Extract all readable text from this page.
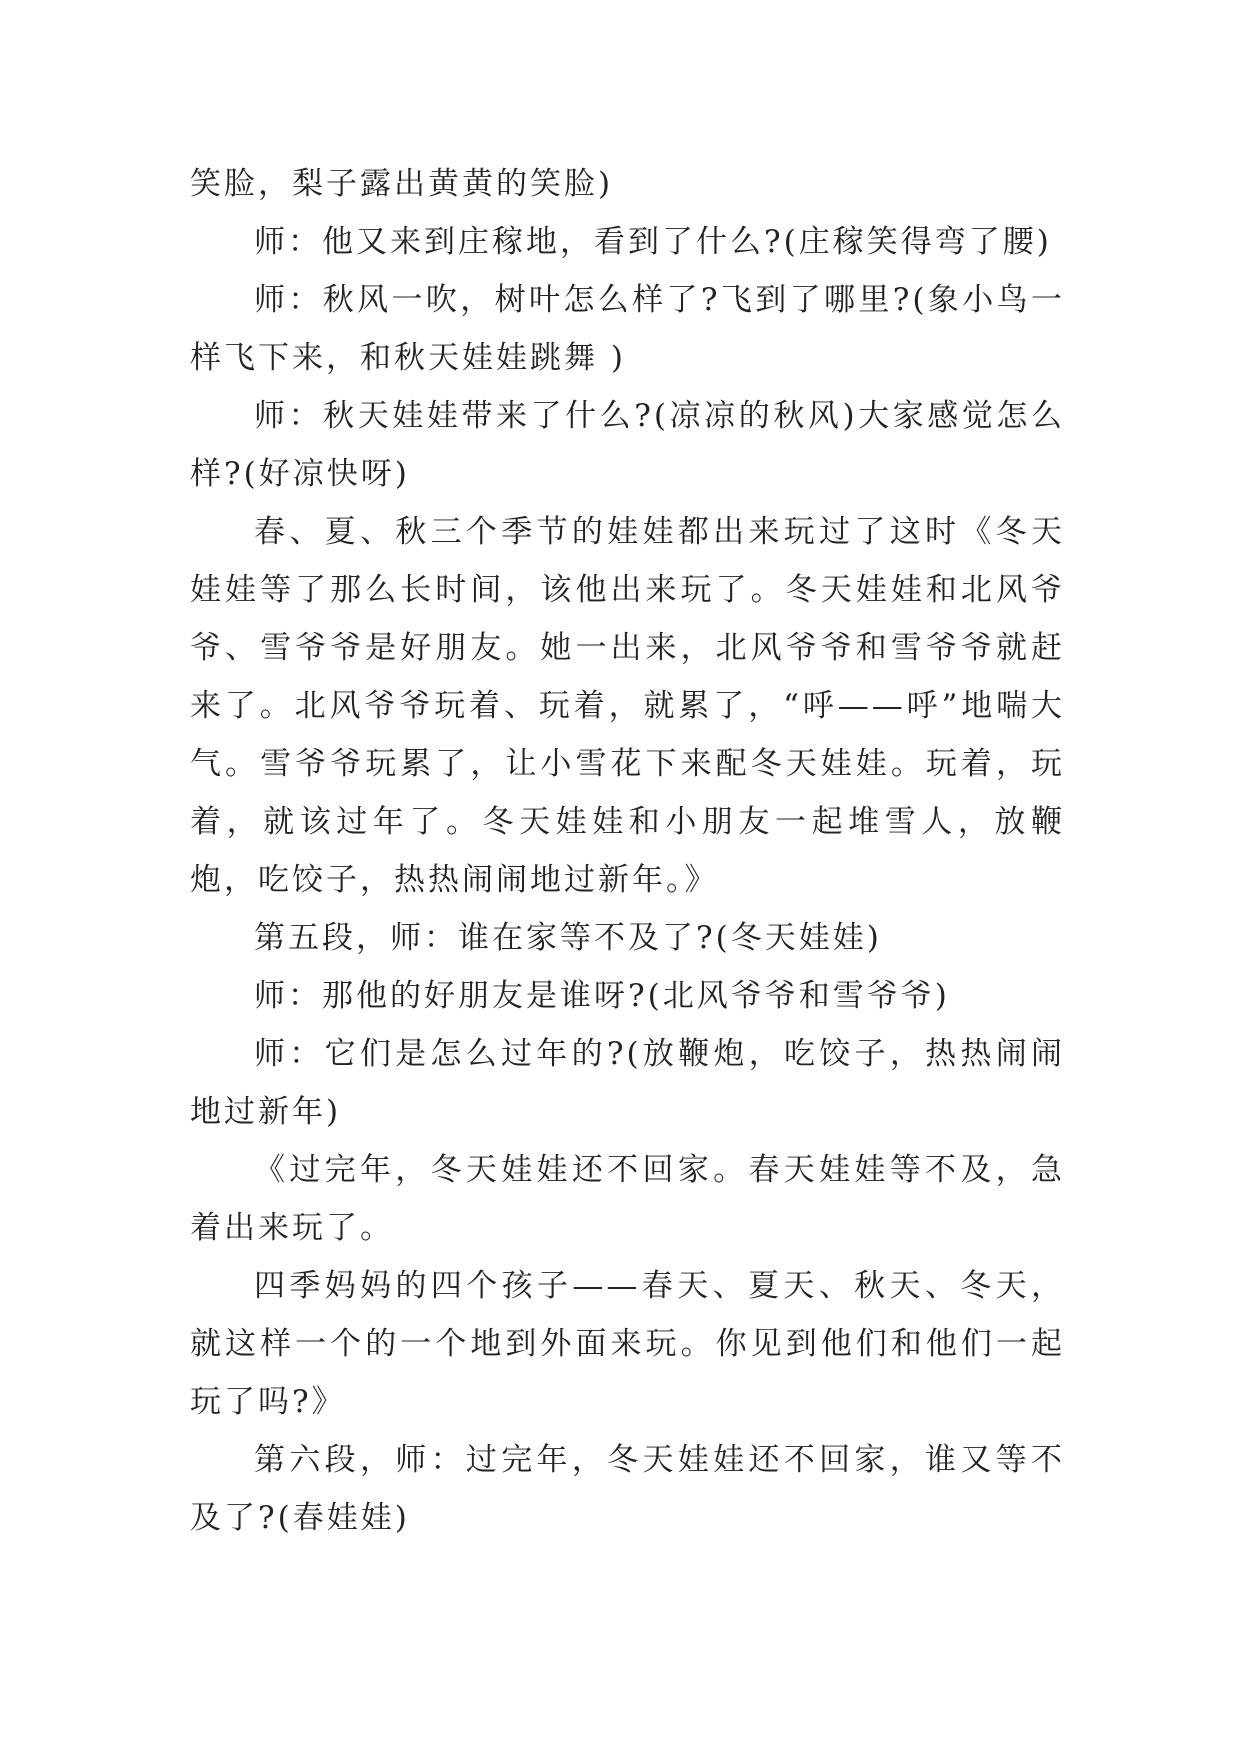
笑脸，梨子露出黄黄的笑脸)

师：他又来到庄稼地，看到了什么?(庄稼笑得弯了腰)

师：秋风一吹，树叶怎么样了?飞到了哪里?(象小鸟一样飞下来，和秋天娃娃跳舞 )

师：秋天娃娃带来了什么?(凉凉的秋风)大家感觉怎么样?(好凉快呀)

春、夏、秋三个季节的娃娃都出来玩过了这时《冬天娃娃等了那么长时间，该他出来玩了。冬天娃娃和北风爷爷、雪爷爷是好朋友。她一出来，北风爷爷和雪爷爷就赶来了。北风爷爷玩着、玩着，就累了，“呼——呼”地喘大气。雪爷爷玩累了，让小雪花下来配冬天娃娃。玩着，玩着，就该过年了。冬天娃娃和小朋友一起堆雪人，放鞭炮，吃饺子，热热闹闹地过新年。》

第五段，师：谁在家等不及了?(冬天娃娃)

师：那他的好朋友是谁呀?(北风爷爷和雪爷爷)

师：它们是怎么过年的?(放鞭炮，吃饺子，热热闹闹地过新年)

《过完年，冬天娃娃还不回家。春天娃娃等不及，急着出来玩了。

四季妈妈的四个孩子——春天、夏天、秋天、冬天，就这样一个的一个地到外面来玩。你见到他们和他们一起玩了吗?》

第六段，师：过完年，冬天娃娃还不回家，谁又等不及了?(春娃娃)
